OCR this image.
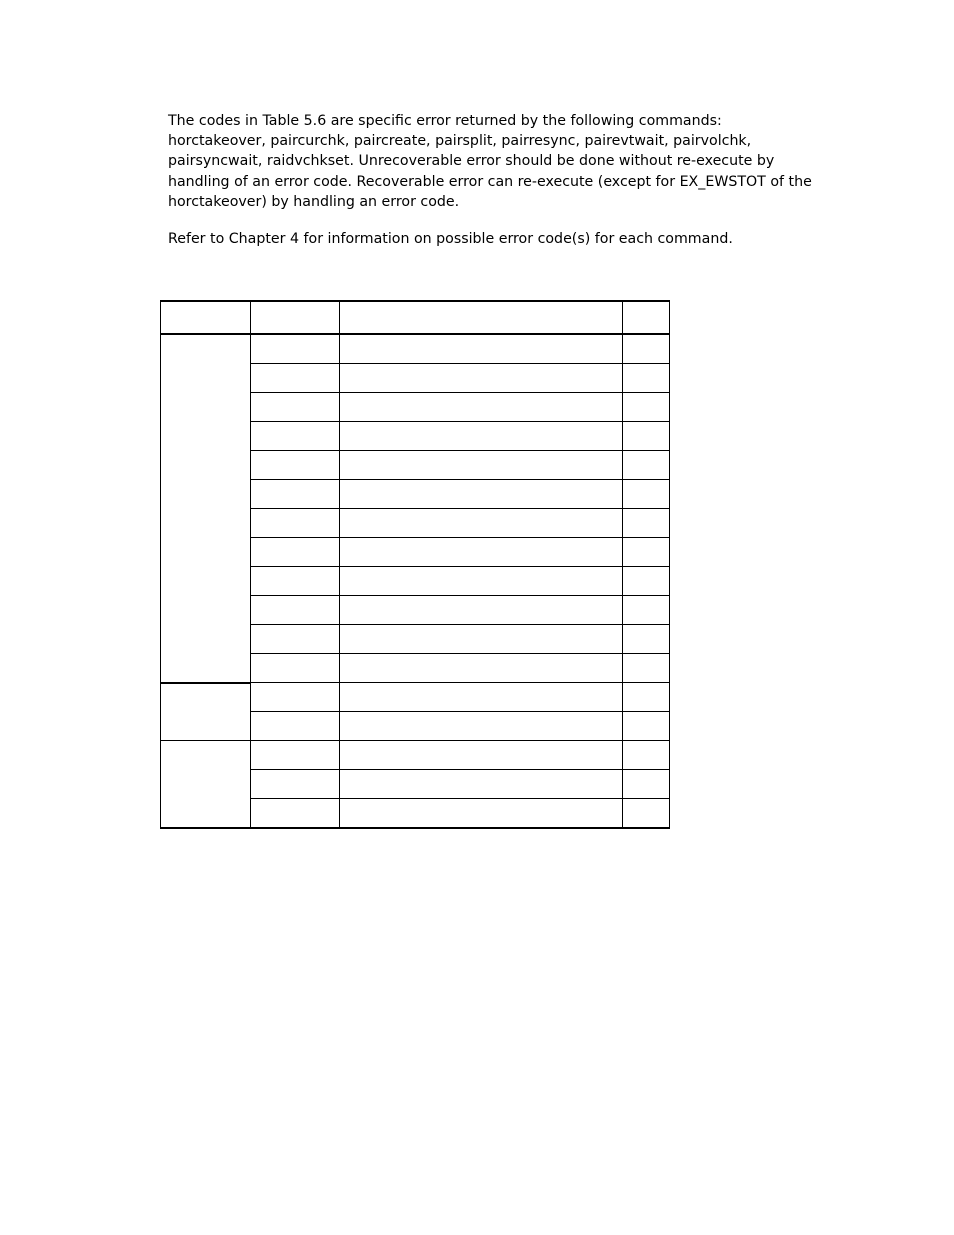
The codes in Table 5.6 are specific error returned by the following commands:
horctakeover, paircurchk, paircreate, pairsplit, pairresync, pairevtwait, pairvolchk,
pairsyncwait, raidvchkset. Unrecoverable error should be done without re-execute by
handling of an error code. Recoverable error can re-execute (except for EX_EWSTOT of the
horctakeover) by handling an error code.
Refer to Chapter 4 for information on possible error code(s) for each command.
